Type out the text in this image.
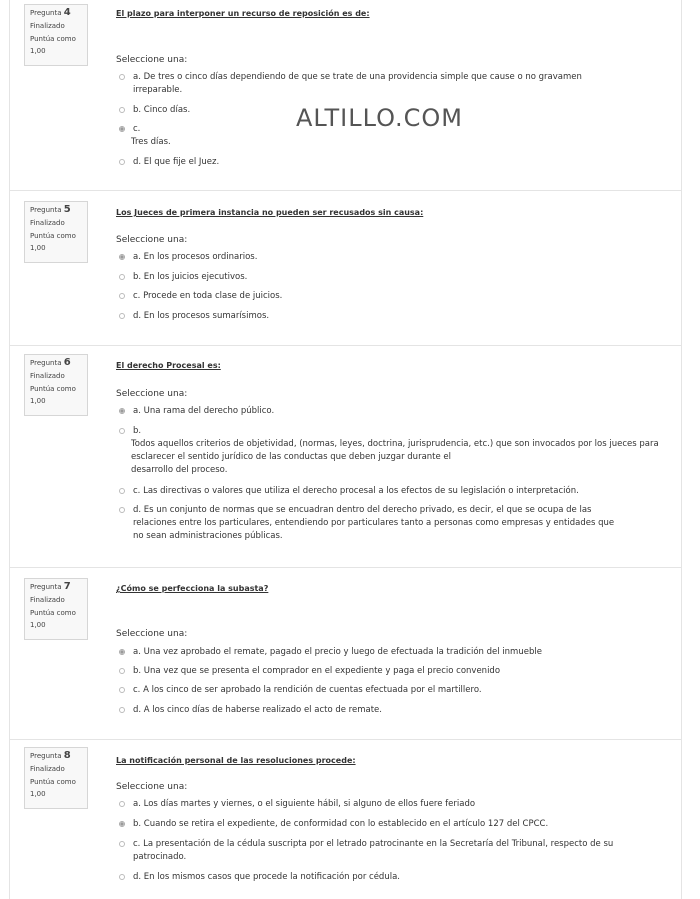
Pregunta 4
Finalizado
Puntúa como
1,00
El plazo para interponer un recurso de reposición es de:
Seleccione una:
a. De tres o cinco días dependiendo de que se trate de una providencia simple que cause o no gravamen
irreparable.
b. Cinco días.
c.
Tres días.
d. El que fije el Juez.
Pregunta 5
Finalizado
Puntúa como
1,00
Los Jueces de primera instancia no pueden ser recusados sin causa:
Seleccione una:
a. En los procesos ordinarios.
b. En los juicios ejecutivos.
c. Procede en toda clase de juicios.
d. En los procesos sumarísimos.
Pregunta 6
Finalizado
Puntúa como
1,00
El derecho Procesal es:
Seleccione una:
a. Una rama del derecho público.
b.
Todos aquellos criterios de objetividad, (normas, leyes, doctrina, jurisprudencia, etc.) que son invocados por los jueces para
esclarecer el sentido jurídico de las conductas que deben juzgar durante el
desarrollo del proceso.
c. Las directivas o valores que utiliza el derecho procesal a los efectos de su legislación o interpretación.
d. Es un conjunto de normas que se encuadran dentro del derecho privado, es decir, el que se ocupa de las
relaciones entre los particulares, entendiendo por particulares tanto a personas como empresas y entidades que
no sean administraciones públicas.
Pregunta 7
Finalizado
Puntúa como
1,00
¿Cómo se perfecciona la subasta?
Seleccione una:
a. Una vez aprobado el remate, pagado el precio y luego de efectuada la tradición del inmueble
b. Una vez que se presenta el comprador en el expediente y paga el precio convenido
c. A los cinco de ser aprobado la rendición de cuentas efectuada por el martillero.
d. A los cinco días de haberse realizado el acto de remate.
Pregunta 8
Finalizado
Puntúa como
1,00
La notificación personal de las resoluciones procede:
Seleccione una:
a. Los días martes y viernes, o el siguiente hábil, si alguno de ellos fuere feriado
b. Cuando se retira el expediente, de conformidad con lo establecido en el artículo 127 del CPCC.
c. La presentación de la cédula suscripta por el letrado patrocinante en la Secretaría del Tribunal, respecto de su
patrocinado.
d. En los mismos casos que procede la notificación por cédula.
ALTILLO.COM
